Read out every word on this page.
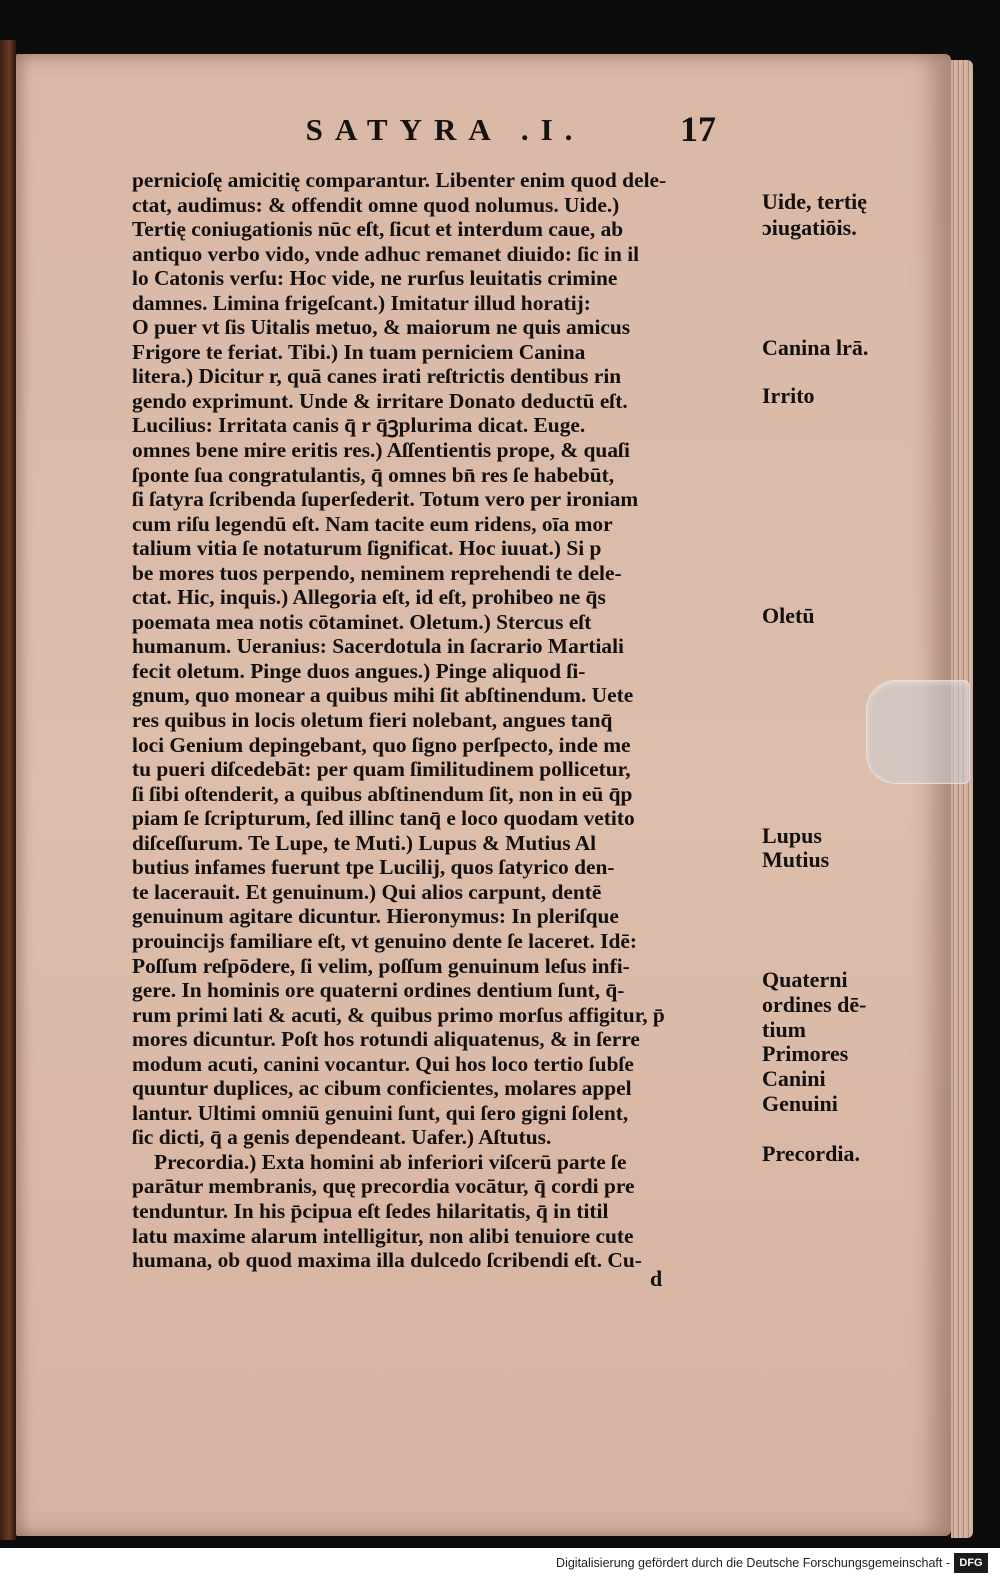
SATYRA .I.	17
pernicioſę amicitię comparantur. Libenter enim quod dele-
ctat, audimus: & offendit omne quod nolumus. Uide.)
Tertię coniugationis nūc eſt, ſicut et interdum caue, ab
antiquo verbo vido, vnde adhuc remanet diuido: ſic in il
lo Catonis verſu: Hoc vide, ne rurſus leuitatis crimine
damnes. Limina frigeſcant.) Imitatur illud horatij:
O puer vt ſis Uitalis metuo, & maiorum ne quis amicus
Frigore te feriat. Tibi.) In tuam perniciem Canina
litera.) Dicitur r, quā canes irati reſtrictis dentibus rin
gendo exprimunt. Unde & irritare Donato deductū eſt.
Lucilius: Irritata canis q̄ r q̄ꝫplurima dicat. Euge.
omnes bene mire eritis res.) Aſſentientis prope, & quaſi
ſponte ſua congratulantis, q̄ omnes bn̄ res ſe habebūt,
ſi ſatyra ſcribenda ſuperſederit. Totum vero per ironiam
cum riſu legendū eſt. Nam tacite eum ridens, oīa mor
talium vitia ſe notaturum ſignificat. Hoc iuuat.) Si p
be mores tuos perpendo, neminem reprehendi te dele-
ctat. Hic, inquis.) Allegoria eſt, id eſt, prohibeo ne q̄s
poemata mea notis cōtaminet. Oletum.) Stercus eſt
humanum. Ueranius: Sacerdotula in ſacrario Martiali
fecit oletum. Pinge duos angues.) Pinge aliquod ſi-
gnum, quo monear a quibus mihi ſit abſtinendum. Uete
res quibus in locis oletum fieri nolebant, angues tanq̄
loci Genium depingebant, quo ſigno perſpecto, inde me
tu pueri diſcedebāt: per quam ſimilitudinem pollicetur,
ſi ſibi oſtenderit, a quibus abſtinendum ſit, non in eū q̄p
piam ſe ſcripturum, ſed illinc tanq̄ e loco quodam vetito
diſceſſurum. Te Lupe, te Muti.) Lupus & Mutius Al
butius infames fuerunt tpe Lucilij, quos ſatyrico den-
te lacerauit. Et genuinum.) Qui alios carpunt, dentē
genuinum agitare dicuntur. Hieronymus: In pleriſque
prouincijs familiare eſt, vt genuino dente ſe laceret. Idē:
Poſſum reſpōdere, ſi velim, poſſum genuinum leſus infi-
gere. In hominis ore quaterni ordines dentium ſunt, q̄-
rum primi lati & acuti, & quibus primo morſus affigitur, p̄
mores dicuntur. Poſt hos rotundi aliquatenus, & in ſerre
modum acuti, canini vocantur. Qui hos loco tertio ſubſe
quuntur duplices, ac cibum conficientes, molares appel
lantur. Ultimi omniū genuini ſunt, qui ſero gigni ſolent,
ſic dicti, q̄ a genis dependeant. Uafer.) Aſtutus.
Precordia.) Exta homini ab inferiori viſcerū parte ſe
parātur membranis, quę precordia vocātur, q̄ cordi pre
tenduntur. In his p̄cipua eſt ſedes hilaritatis, q̄ in titil
latu maxime alarum intelligitur, non alibi tenuiore cute
humana, ob quod maxima illa dulcedo ſcribendi eſt. Cu-
Uide, tertię
ɔiugatiōis.
Canina lrā.
Irrito
Oletū
Lupus
Mutius
Quaterni
ordines dē-
tium
Primores
Canini
Genuini
Precordia.
d
Digitalisierung gefördert durch die Deutsche Forschungsgemeinschaft - DFG
